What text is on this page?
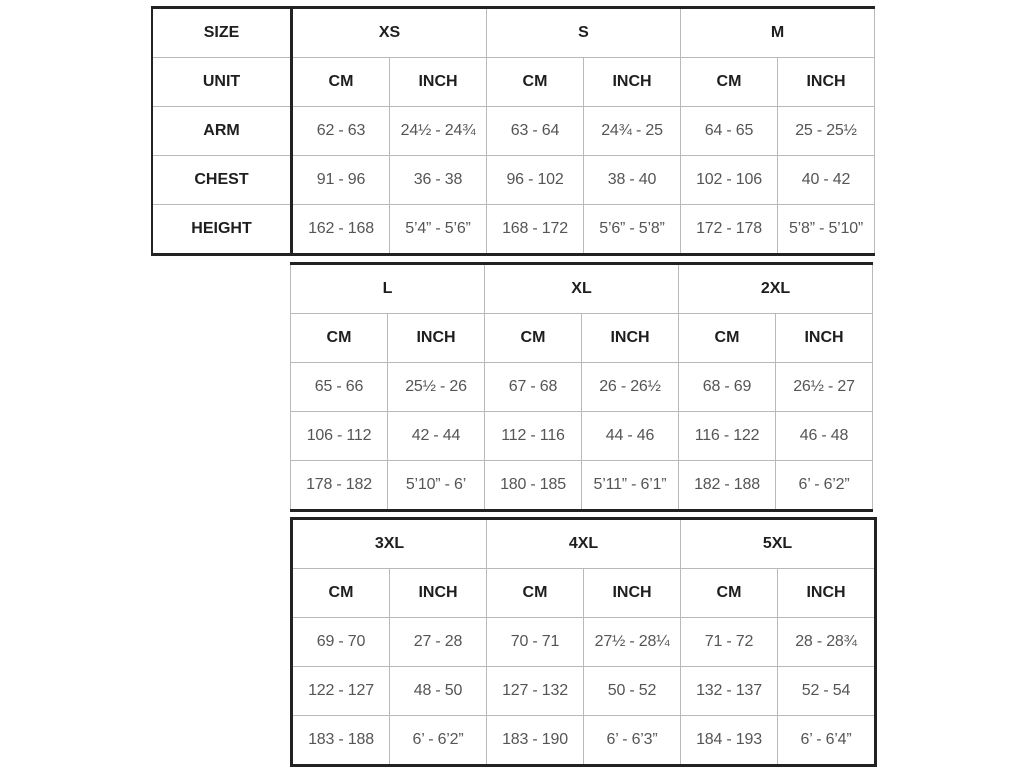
SIZE	XS		S		M	
UNIT	CM	INCH	CM	INCH	CM	INCH
ARM	62 - 63	24½ - 24¾	63 - 64	24¾ - 25	64 - 65	25 - 25½
CHEST	91 - 96	36 - 38	96 - 102	38 - 40	102 - 106	40 - 42
HEIGHT	162 - 168	5’4” - 5’6”	168 - 172	5’6” - 5’8”	172 - 178	5’8” - 5’10”
L		XL		2XL	
CM	INCH	CM	INCH	CM	INCH
65 - 66	25½ - 26	67 - 68	26 - 26½	68 - 69	26½ - 27
106 - 112	42 - 44	112 - 116	44 - 46	116 - 122	46 - 48
178 - 182	5’10” - 6’	180 - 185	5’11” - 6’1”	182 - 188	6’ - 6’2”
3XL		4XL		5XL	
CM	INCH	CM	INCH	CM	INCH
69 - 70	27 - 28	70 - 71	27½ - 28¼	71 - 72	28 - 28¾
122 - 127	48 - 50	127 - 132	50 - 52	132 - 137	52 - 54
183 - 188	6’ - 6’2”	183 - 190	6’ - 6’3”	184 - 193	6’ - 6’4”
